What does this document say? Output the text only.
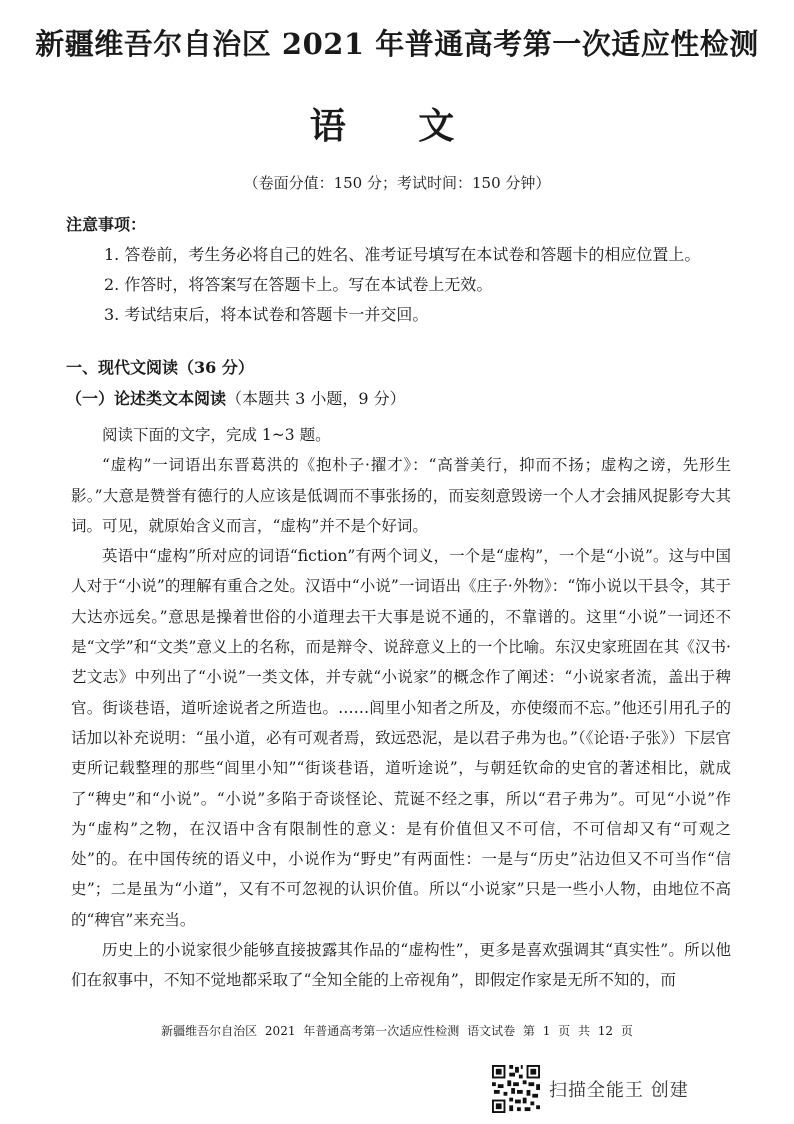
新疆维吾尔自治区 2021 年普通高考第一次适应性检测
语 文
（卷面分值：150 分；考试时间：150 分钟）
注意事项：
1. 答卷前，考生务必将自己的姓名、准考证号填写在本试卷和答题卡的相应位置上。
2. 作答时，将答案写在答题卡上。写在本试卷上无效。
3. 考试结束后，将本试卷和答题卡一并交回。
一、现代文阅读（36 分）
（一）论述类文本阅读（本题共 3 小题，9 分）

阅读下面的文字，完成 1~3 题。

“虚构”一词语出东晋葛洪的《抱朴子·擢才》：“高誉美行，抑而不扬；虚构之谤，先形生影。”大意是赞誉有德行的人应该是低调而不事张扬的，而妄刻意毁谤一个人才会捕风捉影夸大其词。可见，就原始含义而言，“虚构”并不是个好词。

英语中“虚构”所对应的词语“fiction”有两个词义，一个是“虚构”，一个是“小说”。这与中国人对于“小说”的理解有重合之处。汉语中“小说”一词语出《庄子·外物》：“饰小说以干县令，其于大达亦远矣。”意思是操着世俗的小道理去干大事是说不通的，不靠谱的。这里“小说”一词还不是“文学”和“文类”意义上的名称，而是辩令、说辞意义上的一个比喻。东汉史家班固在其《汉书·艺文志》中列出了“小说”一类文体，并专就“小说家”的概念作了阐述：“小说家者流，盖出于稗官。街谈巷语，道听途说者之所造也。……闾里小知者之所及，亦使缀而不忘。”他还引用孔子的话加以补充说明：“虽小道，必有可观者焉，致远恐泥，是以君子弗为也。”（《论语·子张》）下层官吏所记载整理的那些“闾里小知”“街谈巷语，道听途说”，与朝廷钦命的史官的著述相比，就成了“稗史”和“小说”。“小说”多陷于奇谈怪论、荒诞不经之事，所以“君子弗为”。可见“小说”作为“虚构”之物，在汉语中含有限制性的意义：是有价值但又不可信，不可信却又有“可观之处”的。在中国传统的语义中，小说作为“野史”有两面性：一是与“历史”沾边但又不可当作“信史”；二是虽为“小道”，又有不可忽视的认识价值。所以“小说家”只是一些小人物，由地位不高的“稗官”来充当。

历史上的小说家很少能够直接披露其作品的“虚构性”，更多是喜欢强调其“真实性”。所以他们在叙事中，不知不觉地都采取了“全知全能的上帝视角”，即假定作家是无所不知的，而

新疆维吾尔自治区 2021 年普通高考第一次适应性检测 语文试卷 第 1 页 共 12 页
扫描全能王 创建
